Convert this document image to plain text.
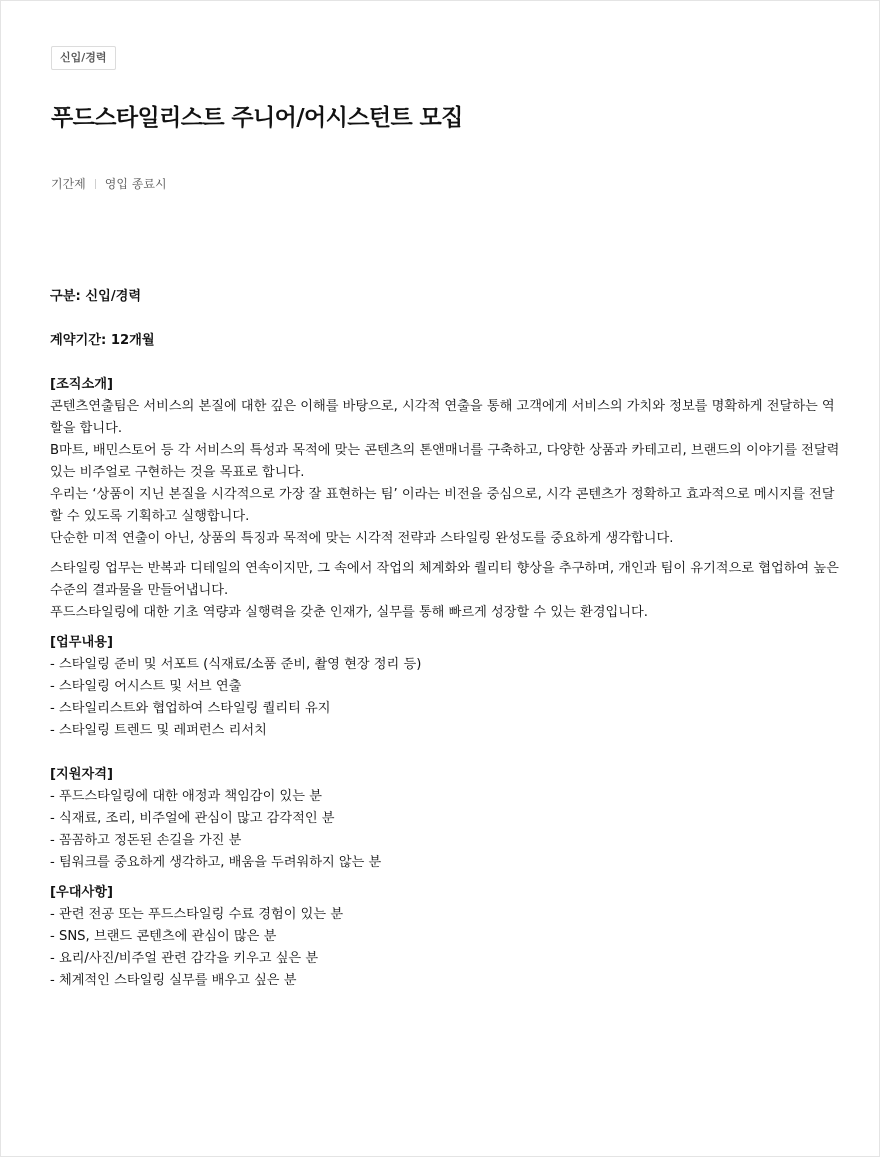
신입/경력
푸드스타일리스트 주니어/어시스턴트 모집
기간제 영입 종료시
구분: 신입/경력
계약기간: 12개월
[조직소개]
콘텐츠연출팀은 서비스의 본질에 대한 깊은 이해를 바탕으로, 시각적 연출을 통해 고객에게 서비스의 가치와 정보를 명확하게 전달하는 역할을 합니다.
B마트, 배민스토어 등 각 서비스의 특성과 목적에 맞는 콘텐츠의 톤앤매너를 구축하고, 다양한 상품과 카테고리, 브랜드의 이야기를 전달력 있는 비주얼로 구현하는 것을 목표로 합니다.
우리는 ‘상품이 지닌 본질을 시각적으로 가장 잘 표현하는 팀’ 이라는 비전을 중심으로, 시각 콘텐츠가 정확하고 효과적으로 메시지를 전달할 수 있도록 기획하고 실행합니다.
단순한 미적 연출이 아닌, 상품의 특징과 목적에 맞는 시각적 전략과 스타일링 완성도를 중요하게 생각합니다.
스타일링 업무는 반복과 디테일의 연속이지만, 그 속에서 작업의 체계화와 퀄리티 향상을 추구하며, 개인과 팀이 유기적으로 협업하여 높은 수준의 결과물을 만들어냅니다.
푸드스타일링에 대한 기초 역량과 실행력을 갖춘 인재가, 실무를 통해 빠르게 성장할 수 있는 환경입니다.
[업무내용]
- 스타일링 준비 및 서포트 (식재료/소품 준비, 촬영 현장 정리 등)
- 스타일링 어시스트 및 서브 연출
- 스타일리스트와 협업하여 스타일링 퀄리티 유지
- 스타일링 트렌드 및 레퍼런스 리서치
[지원자격]
- 푸드스타일링에 대한 애정과 책임감이 있는 분
- 식재료, 조리, 비주얼에 관심이 많고 감각적인 분
- 꼼꼼하고 정돈된 손길을 가진 분
- 팀워크를 중요하게 생각하고, 배움을 두려워하지 않는 분
[우대사항]
- 관련 전공 또는 푸드스타일링 수료 경험이 있는 분
- SNS, 브랜드 콘텐츠에 관심이 많은 분
- 요리/사진/비주얼 관련 감각을 키우고 싶은 분
- 체계적인 스타일링 실무를 배우고 싶은 분
